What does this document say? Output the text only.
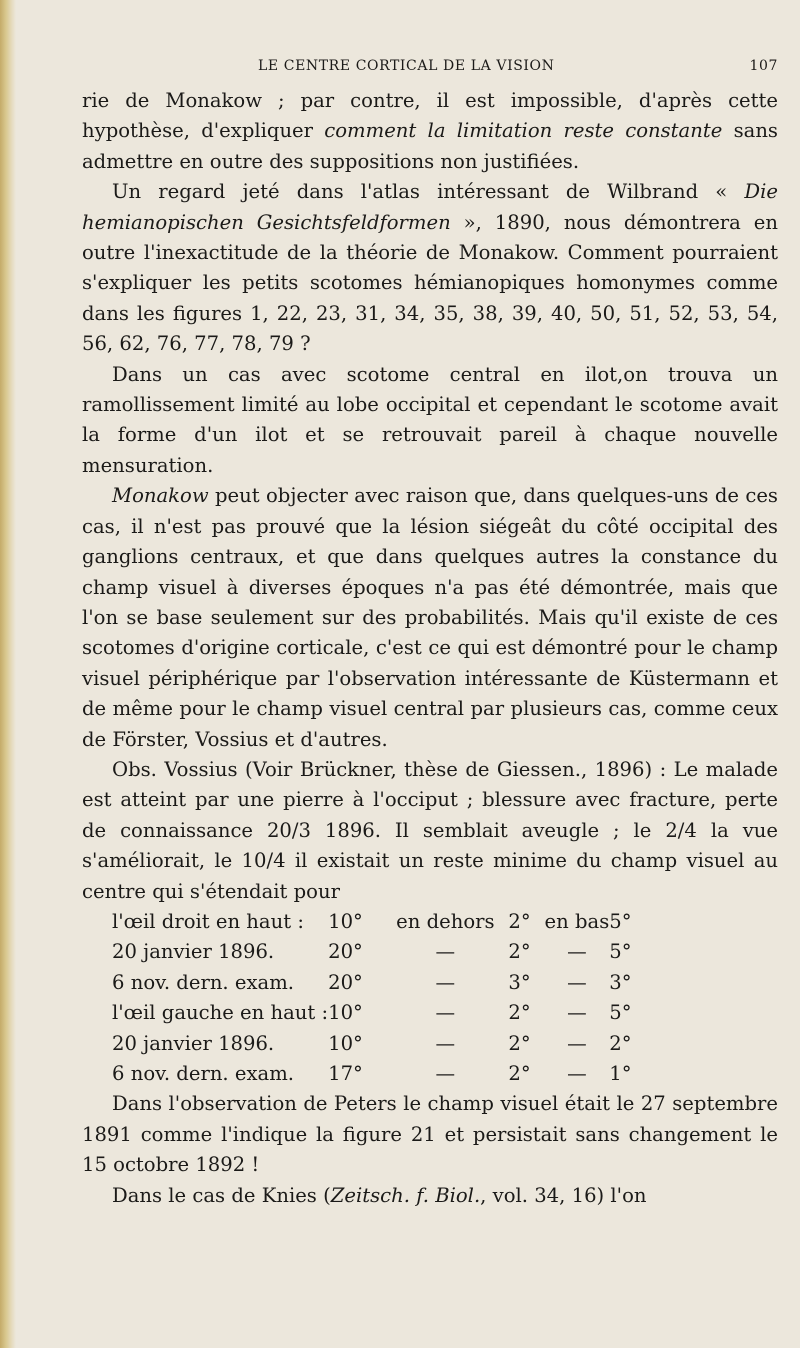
LE CENTRE CORTICAL DE LA VISION	107

rie de Monakow ; par contre, il est impossible, d'après cette hypothèse, d'expliquer comment la limitation reste constante sans admettre en outre des suppositions non justifiées.

Un regard jeté dans l'atlas intéressant de Wilbrand « Die hemianopischen Gesichtsfeldformen », 1890, nous démontrera en outre l'inexactitude de la théorie de Monakow. Comment pourraient s'expliquer les petits scotomes hémianopiques homonymes comme dans les figures 1, 22, 23, 31, 34, 35, 38, 39, 40, 50, 51, 52, 53, 54, 56, 62, 76, 77, 78, 79 ?

Dans un cas avec scotome central en ilot,on trouva un ramollissement limité au lobe occipital et cependant le scotome avait la forme d'un ilot et se retrouvait pareil à chaque nouvelle mensuration.

Monakow peut objecter avec raison que, dans quelques-uns de ces cas, il n'est pas prouvé que la lésion siégeât du côté occipital des ganglions centraux, et que dans quelques autres la constance du champ visuel à diverses époques n'a pas été démontrée, mais que l'on se base seulement sur des probabilités. Mais qu'il existe de ces scotomes d'origine corticale, c'est ce qui est démontré pour le champ visuel périphérique par l'observation intéressante de Küstermann et de même pour le champ visuel central par plusieurs cas, comme ceux de Förster, Vossius et d'autres.

Obs. Vossius (Voir Brückner, thèse de Giessen., 1896) : Le malade est atteint par une pierre à l'occiput ; blessure avec fracture, perte de connaissance 20/3 1896. Il semblait aveugle ; le 2/4 la vue s'améliorait, le 10/4 il existait un reste minime du champ visuel au centre qui s'étendait pour

l'œil droit en haut :	10°	en dehors	2°	en bas	5°
20 janvier 1896.	20°	—	2°	—	5°
6 nov. dern. exam.	20°	—	3°	—	3°
l'œil gauche en haut :	10°	—	2°	—	5°
20 janvier 1896.	10°	—	2°	—	2°
6 nov. dern. exam.	17°	—	2°	—	1°

Dans l'observation de Peters le champ visuel était le 27 septembre 1891 comme l'indique la figure 21 et persistait sans changement le 15 octobre 1892 !

Dans le cas de Knies (Zeitsch. f. Biol., vol. 34, 16) l'on
